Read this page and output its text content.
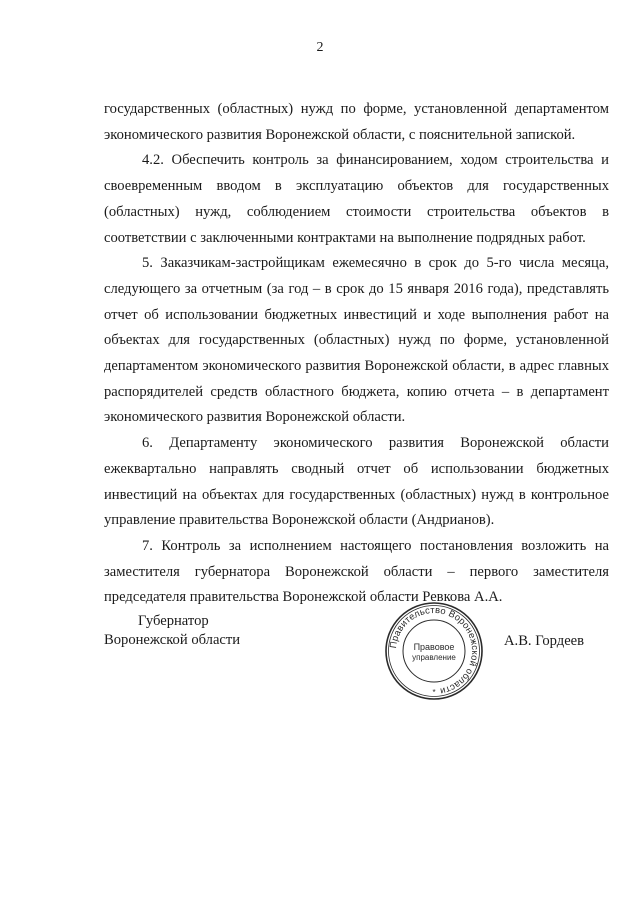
2

государственных (областных) нужд по форме, установленной департаментом экономического развития Воронежской области, с пояснительной запиской.

4.2. Обеспечить контроль за финансированием, ходом строительства и своевременным вводом в эксплуатацию объектов для государственных (областных) нужд, соблюдением стоимости строительства объектов в соответствии с заключенными контрактами на выполнение подрядных работ.

5. Заказчикам-застройщикам ежемесячно в срок до 5-го числа месяца, следующего за отчетным (за год – в срок до 15 января 2016 года), представлять отчет об использовании бюджетных инвестиций и ходе выполнения работ на объектах для государственных (областных) нужд по форме, установленной департаментом экономического развития Воронежской области, в адрес главных распорядителей средств областного бюджета, копию отчета – в департамент экономического развития Воронежской области.

6. Департаменту экономического развития Воронежской области ежеквартально направлять сводный отчет об использовании бюджетных инвестиций на объектах для государственных (областных) нужд в контрольное управление правительства Воронежской области (Андрианов).

7. Контроль за исполнением настоящего постановления возложить на заместителя губернатора Воронежской области – первого заместителя председателя правительства Воронежской области Ревкова А.А.

Губернатор
Воронежской области	Правительство Воронежской области
Правовое
управление
*
А.В. Гордеев
